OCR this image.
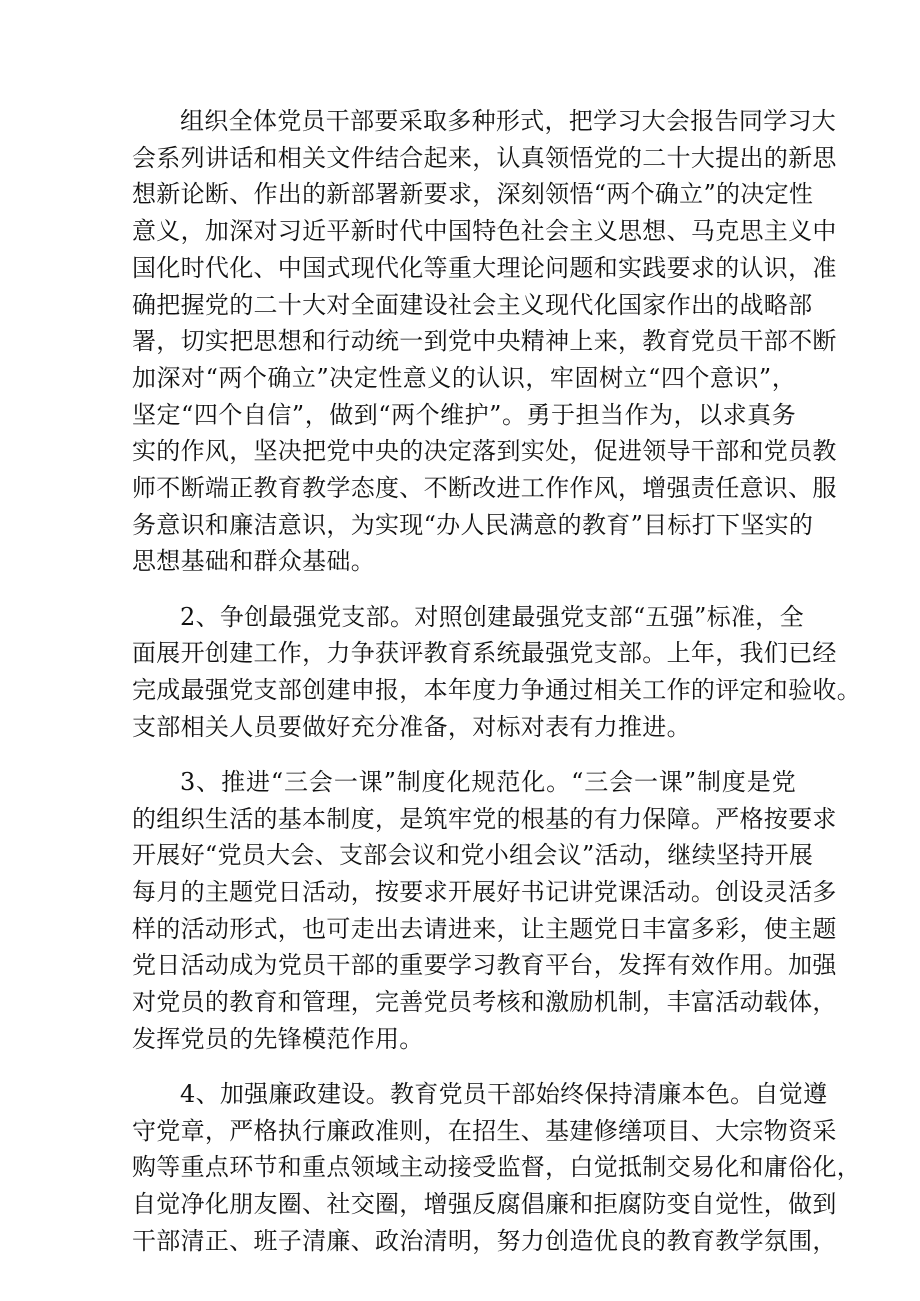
组织全体党员干部要采取多种形式，把学习大会报告同学习大
会系列讲话和相关文件结合起来，认真领悟党的二十大提出的新思
想新论断、作出的新部署新要求，深刻领悟“两个确立”的决定性
意义，加深对习近平新时代中国特色社会主义思想、马克思主义中
国化时代化、中国式现代化等重大理论问题和实践要求的认识，准
确把握党的二十大对全面建设社会主义现代化国家作出的战略部
署，切实把思想和行动统一到党中央精神上来，教育党员干部不断
加深对“两个确立”决定性意义的认识，牢固树立“四个意识”，
坚定“四个自信”，做到“两个维护”。勇于担当作为，以求真务
实的作风，坚决把党中央的决定落到实处，促进领导干部和党员教
师不断端正教育教学态度、不断改进工作作风，增强责任意识、服
务意识和廉洁意识，为实现“办人民满意的教育”目标打下坚实的
思想基础和群众基础。
2、争创最强党支部。对照创建最强党支部“五强”标准，全
面展开创建工作，力争获评教育系统最强党支部。上年，我们已经
完成最强党支部创建申报，本年度力争通过相关工作的评定和验收。
支部相关人员要做好充分准备，对标对表有力推进。
3、推进“三会一课”制度化规范化。“三会一课”制度是党
的组织生活的基本制度，是筑牢党的根基的有力保障。严格按要求
开展好“党员大会、支部会议和党小组会议”活动，继续坚持开展
每月的主题党日活动，按要求开展好书记讲党课活动。创设灵活多
样的活动形式，也可走出去请进来，让主题党日丰富多彩，使主题
党日活动成为党员干部的重要学习教育平台，发挥有效作用。加强
对党员的教育和管理，完善党员考核和激励机制，丰富活动载体，
发挥党员的先锋模范作用。
4、加强廉政建设。教育党员干部始终保持清廉本色。自觉遵
守党章，严格执行廉政准则，在招生、基建修缮项目、大宗物资采
购等重点环节和重点领域主动接受监督，白觉抵制交易化和庸俗化，
自觉净化朋友圈、社交圈，增强反腐倡廉和拒腐防变自觉性，做到
干部清正、班子清廉、政治清明，努力创造优良的教育教学氛围，
